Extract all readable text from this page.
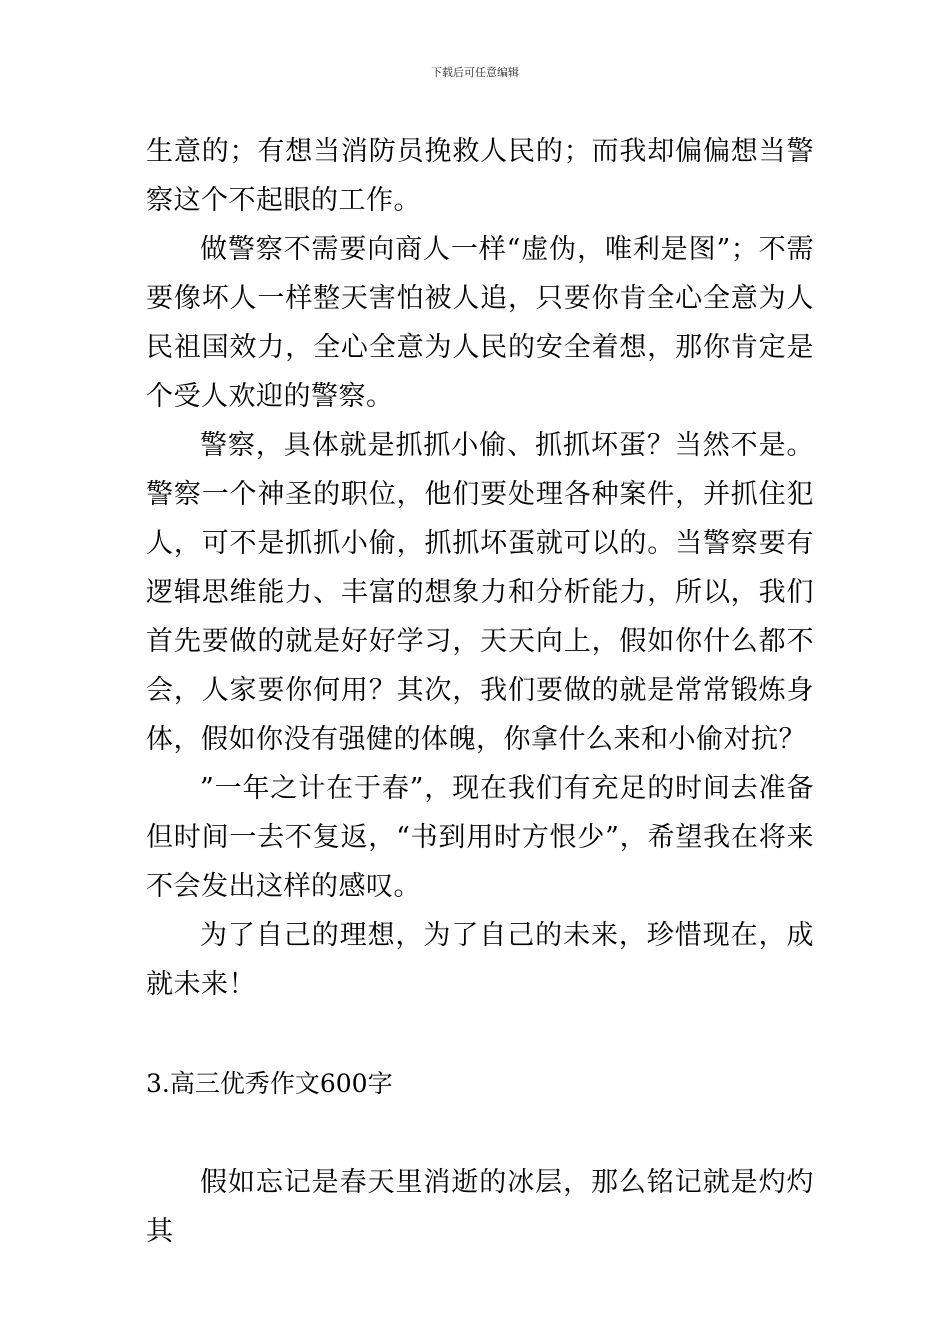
下载后可任意编辑

生意的；有想当消防员挽救人民的；而我却偏偏想当警察这个不起眼的工作。

做警察不需要向商人一样“虚伪，唯利是图”；不需要像坏人一样整天害怕被人追，只要你肯全心全意为人民祖国效力，全心全意为人民的安全着想，那你肯定是个受人欢迎的警察。

警察，具体就是抓抓小偷、抓抓坏蛋？当然不是。警察一个神圣的职位，他们要处理各种案件，并抓住犯人，可不是抓抓小偷，抓抓坏蛋就可以的。当警察要有逻辑思维能力、丰富的想象力和分析能力，所以，我们首先要做的就是好好学习，天天向上，假如你什么都不会，人家要你何用？其次，我们要做的就是常常锻炼身体，假如你没有强健的体魄，你拿什么来和小偷对抗？

”一年之计在于春”，现在我们有充足的时间去准备但时间一去不复返，“书到用时方恨少”，希望我在将来不会发出这样的感叹。

为了自己的理想，为了自己的未来，珍惜现在，成就未来！

3.高三优秀作文600字

假如忘记是春天里消逝的冰层，那么铭记就是灼灼其
